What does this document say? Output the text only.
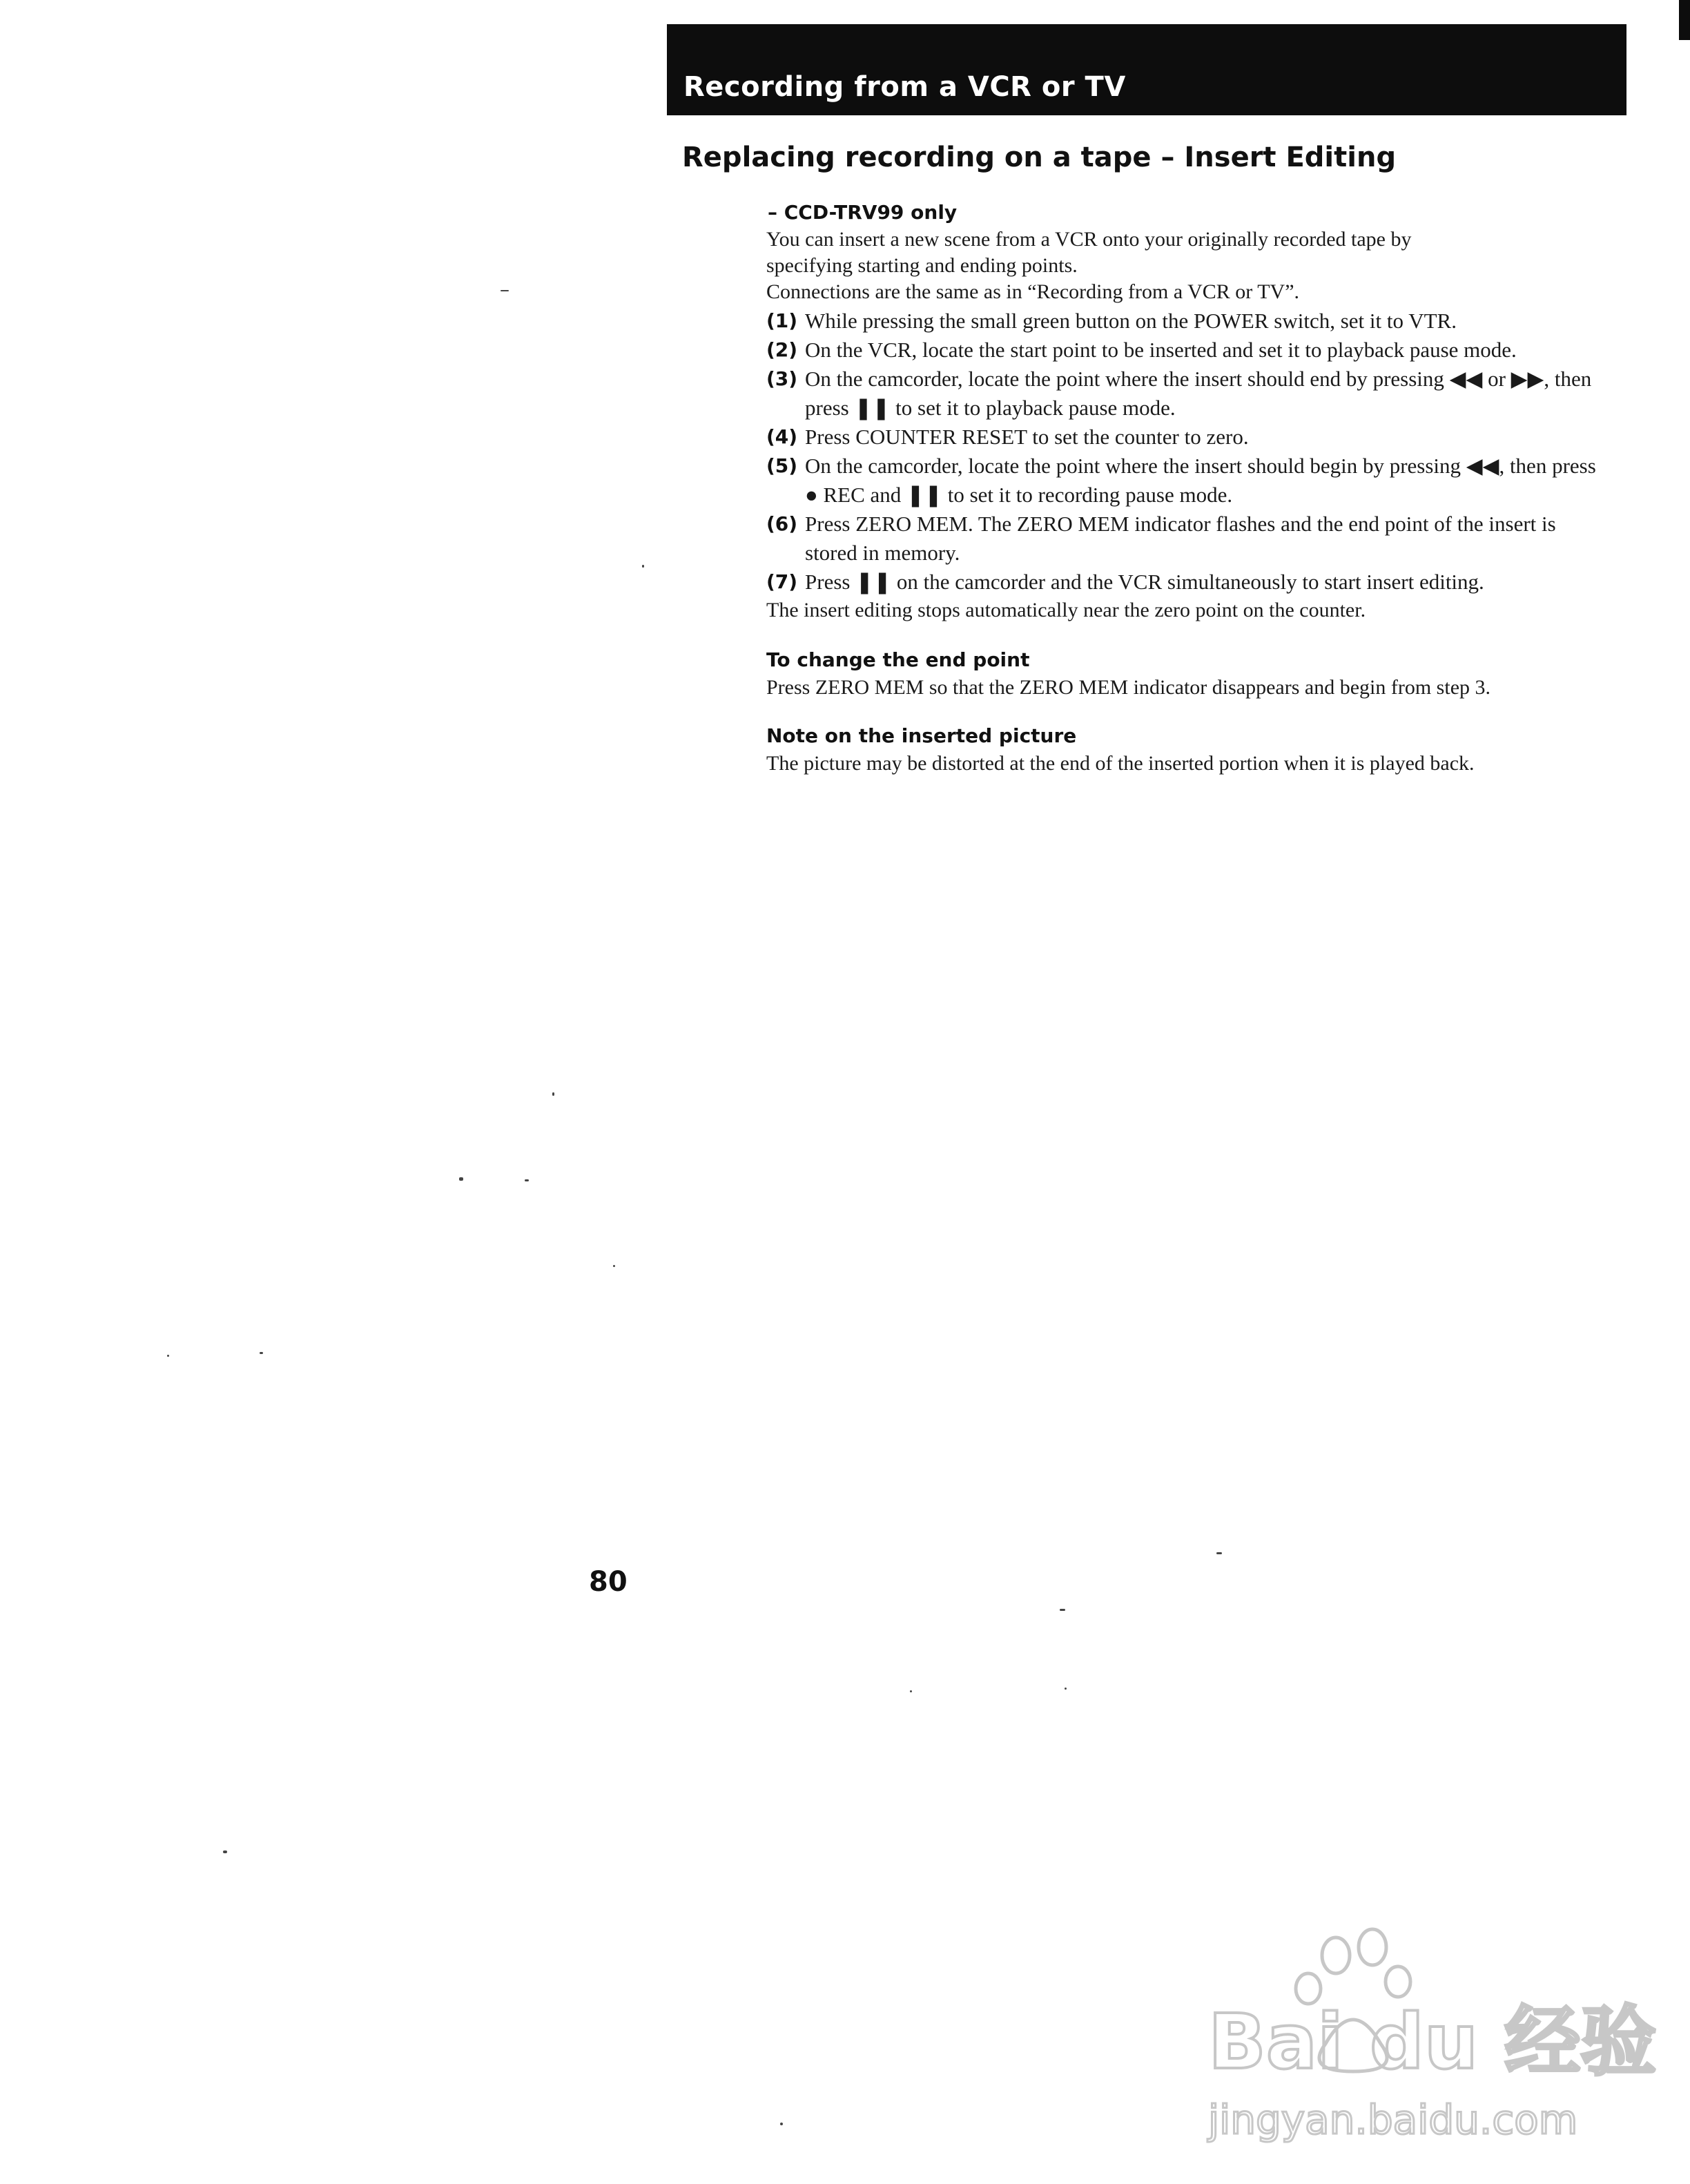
Recording from a VCR or TV
Replacing recording on a tape – Insert Editing
– CCD-TRV99 only

You can insert a new scene from a VCR onto your originally recorded tape by

specifying starting and ending points.

Connections are the same as in “Recording from a VCR or TV”.

(1) While pressing the small green button on the POWER switch, set it to VTR.
(2) On the VCR, locate the start point to be inserted and set it to playback pause mode.
(3) On the camcorder, locate the point where the insert should end by pressing ◀◀ or ▶▶, then press ❚❚ to set it to playback pause mode.
(4) Press COUNTER RESET to set the counter to zero.
(5) On the camcorder, locate the point where the insert should begin by pressing ◀◀, then press ● REC and ❚❚ to set it to recording pause mode.
(6) Press ZERO MEM. The ZERO MEM indicator flashes and the end point of the insert is stored in memory.
(7) Press ❚❚ on the camcorder and the VCR simultaneously to start insert editing.

The insert editing stops automatically near the zero point on the counter.

To change the end point

Press ZERO MEM so that the ZERO MEM indicator disappears and begin from step 3.

Note on the inserted picture

The picture may be distorted at the end of the inserted portion when it is played back.

80
Bai du 经验
jingyan.baidu.com
